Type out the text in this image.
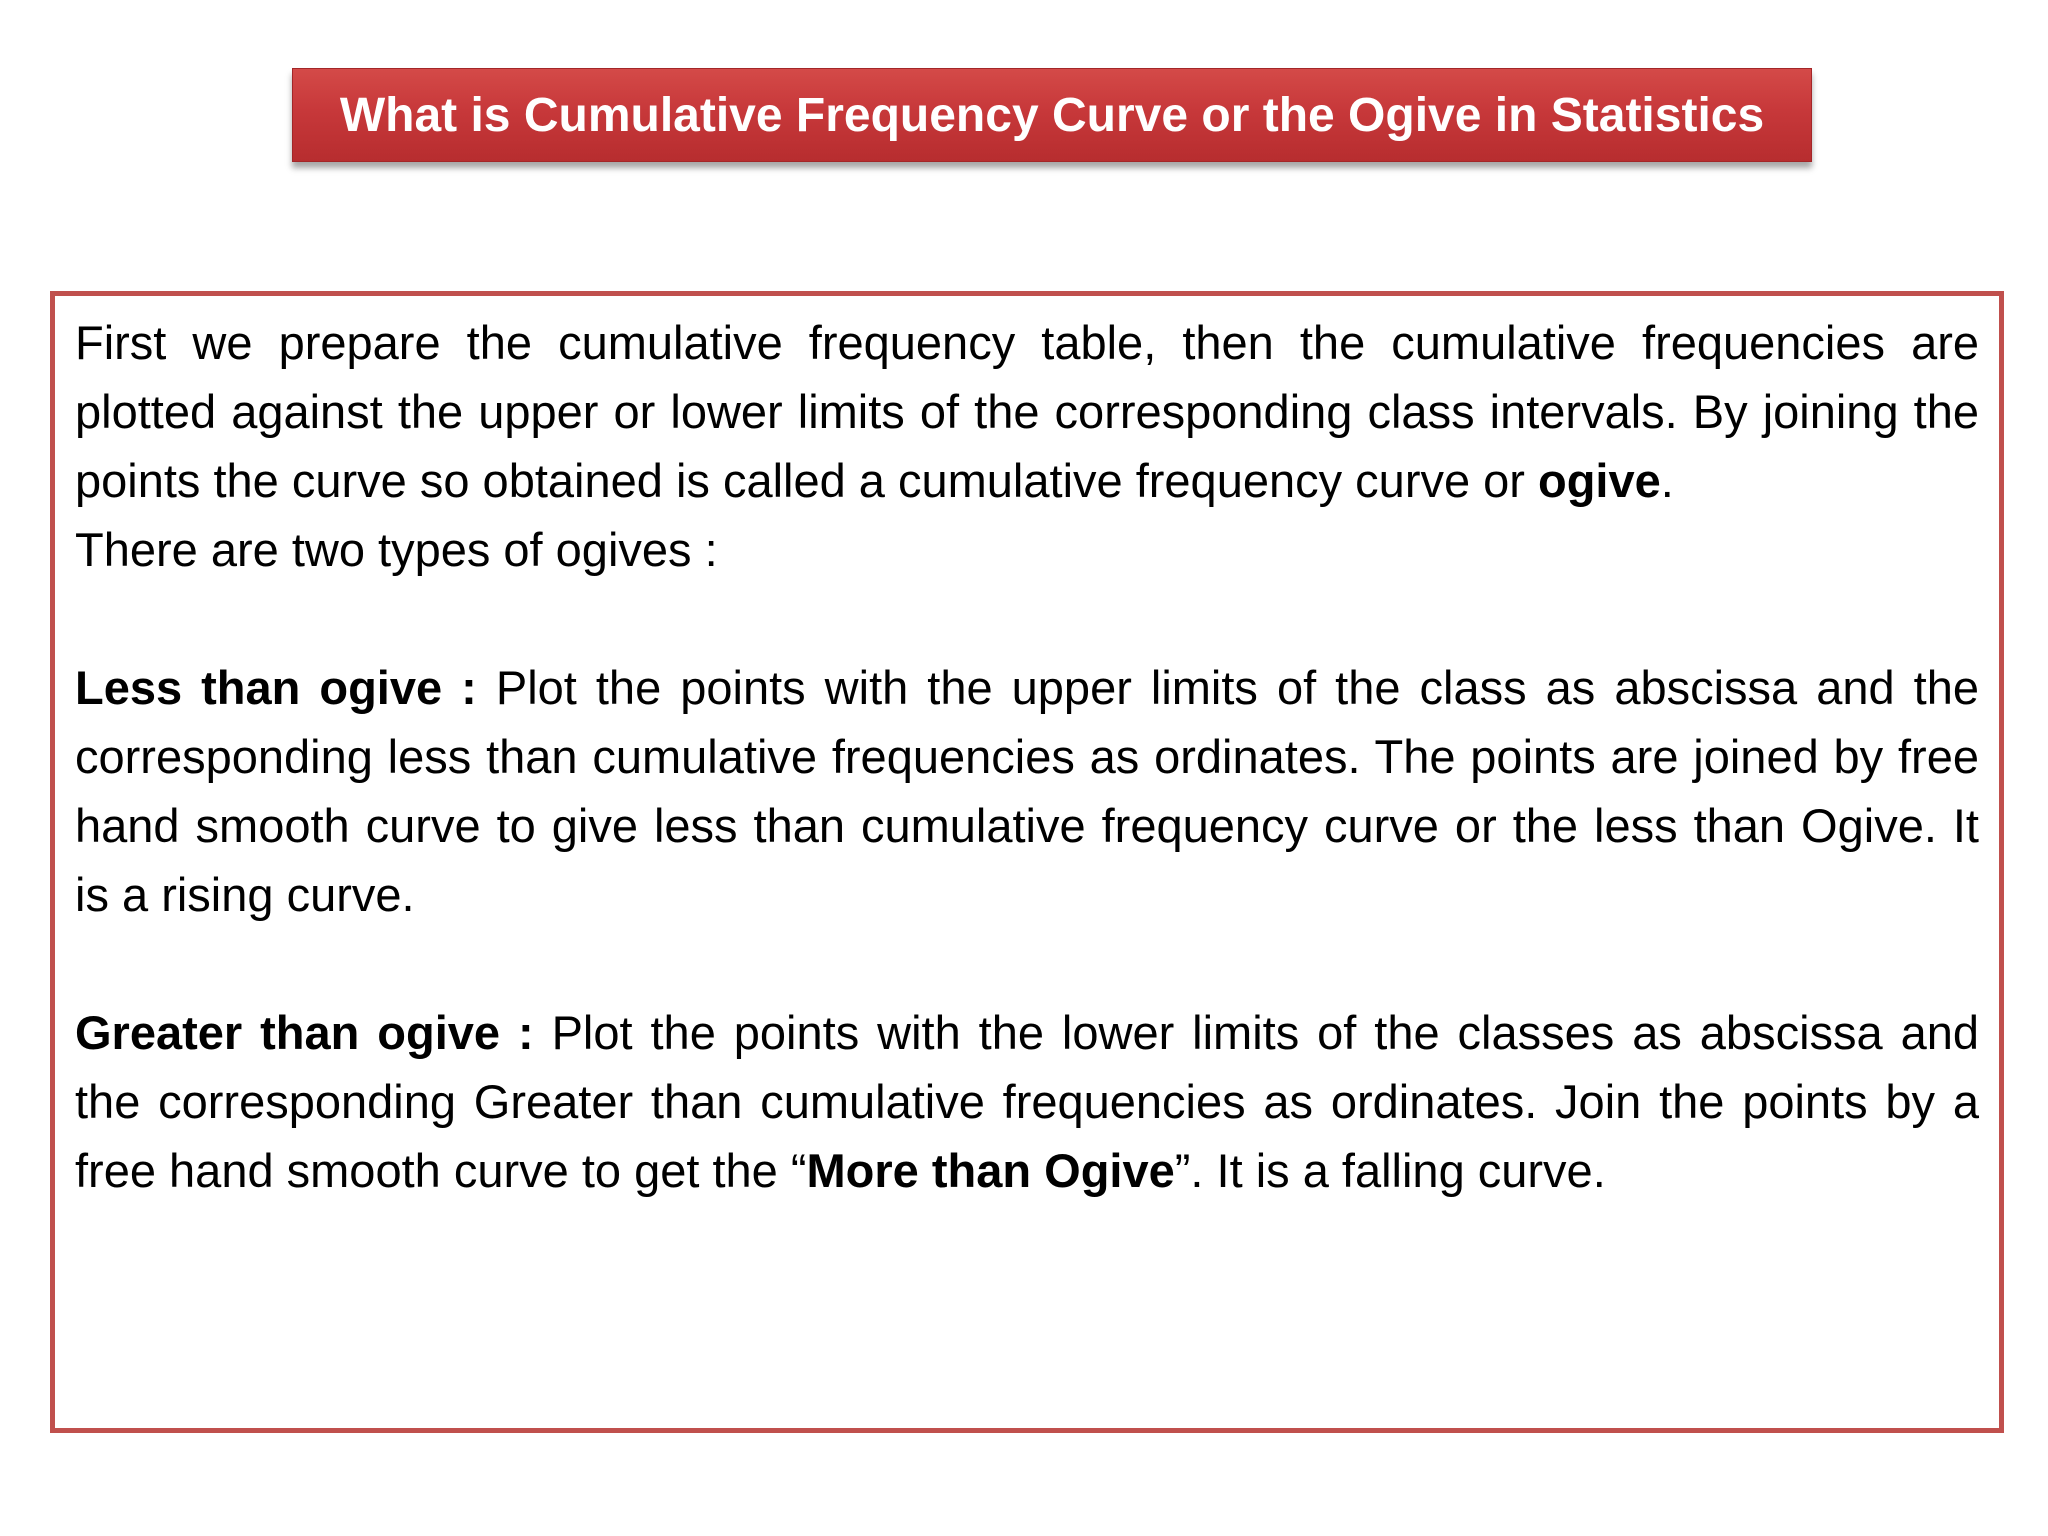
What is Cumulative Frequency Curve or the Ogive in Statistics

First we prepare the cumulative frequency table, then the cumulative frequencies are plotted against the upper or lower limits of the corresponding class intervals. By joining the points the curve so obtained is called a cumulative frequency curve or ogive.

There are two types of ogives :

Less than ogive : Plot the points with the upper limits of the class as abscissa and the corresponding less than cumulative frequencies as ordinates. The points are joined by free hand smooth curve to give less than cumulative frequency curve or the less than Ogive. It is a rising curve.

Greater than ogive : Plot the points with the lower limits of the classes as abscissa and the corresponding Greater than cumulative frequencies as ordinates. Join the points by a free hand smooth curve to get the “More than Ogive”. It is a falling curve.
